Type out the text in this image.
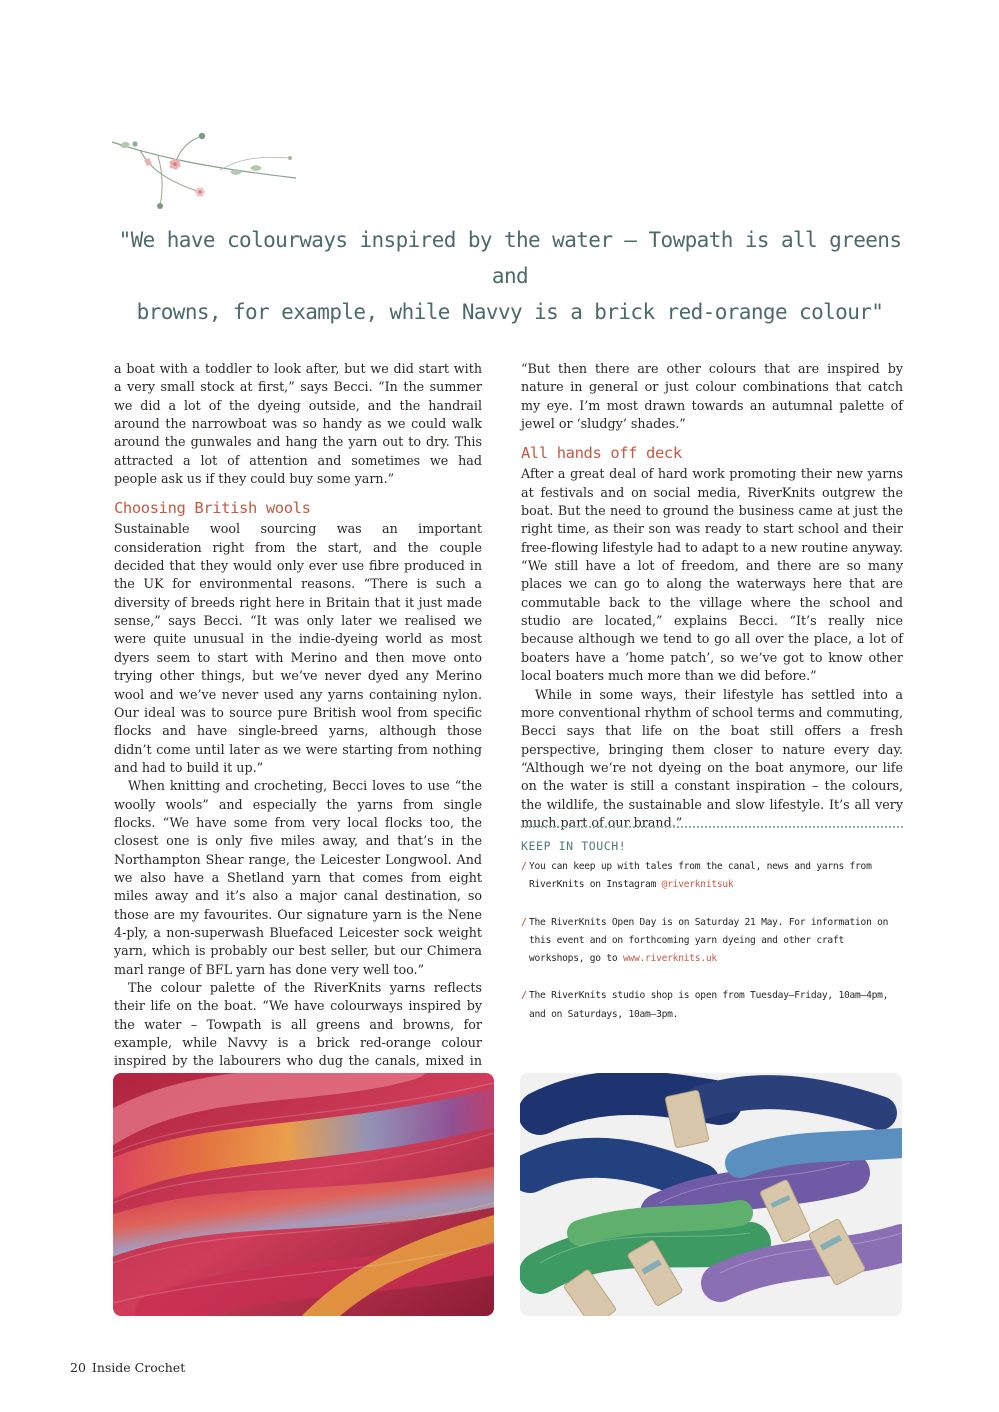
"We have colourways inspired by the water – Towpath is all greens and
browns, for example, while Navvy is a brick red-orange colour"

a boat with a toddler to look after, but we did start with a very small stock at first,” says Becci. “In the summer we did a lot of the dyeing outside, and the handrail around the narrowboat was so handy as we could walk around the gunwales and hang the yarn out to dry. This attracted a lot of attention and sometimes we had people ask us if they could buy some yarn.”

Choosing British wools

Sustainable wool sourcing was an important consideration right from the start, and the couple decided that they would only ever use fibre produced in the UK for environmental reasons. “There is such a diversity of breeds right here in Britain that it just made sense,” says Becci. “It was only later we realised we were quite unusual in the indie-dyeing world as most dyers seem to start with Merino and then move onto trying other things, but we’ve never dyed any Merino wool and we’ve never used any yarns containing nylon. Our ideal was to source pure British wool from specific flocks and have single-breed yarns, although those didn’t come until later as we were starting from nothing and had to build it up.”

When knitting and crocheting, Becci loves to use “the woolly wools” and especially the yarns from single flocks. “We have some from very local flocks too, the closest one is only five miles away, and that’s in the Northampton Shear range, the Leicester Longwool. And we also have a Shetland yarn that comes from eight miles away and it’s also a major canal destination, so those are my favourites. Our signature yarn is the Nene 4-ply, a non-superwash Bluefaced Leicester sock weight yarn, which is probably our best seller, but our Chimera marl range of BFL yarn has done very well too.”

The colour palette of the RiverKnits yarns reflects their life on the boat. “We have colourways inspired by the water – Towpath is all greens and browns, for example, while Navvy is a brick red-orange colour inspired by the labourers who dug the canals, mixed in

“But then there are other colours that are inspired by nature in general or just colour combinations that catch my eye. I’m most drawn towards an autumnal palette of jewel or ‘sludgy’ shades.”

All hands off deck

After a great deal of hard work promoting their new yarns at festivals and on social media, RiverKnits outgrew the boat. But the need to ground the business came at just the right time, as their son was ready to start school and their free-flowing lifestyle had to adapt to a new routine anyway. “We still have a lot of freedom, and there are so many places we can go to along the waterways here that are commutable back to the village where the school and studio are located,” explains Becci. “It’s really nice because although we tend to go all over the place, a lot of boaters have a ‘home patch’, so we’ve got to know other local boaters much more than we did before.”

While in some ways, their lifestyle has settled into a more conventional rhythm of school terms and commuting, Becci says that life on the boat still offers a fresh perspective, bringing them closer to nature every day. “Although we’re not dyeing on the boat anymore, our life on the water is still a constant inspiration – the colours, the wildlife, the sustainable and slow lifestyle. It’s all very much part of our brand.”

KEEP IN TOUCH!
/ You can keep up with tales from the canal, news and yarns from RiverKnits on Instagram @riverknitsuk
/ The RiverKnits Open Day is on Saturday 21 May. For information on this event and on forthcoming yarn dyeing and other craft workshops, go to www.riverknits.uk
/ The RiverKnits studio shop is open from Tuesday–Friday, 10am–4pm, and on Saturdays, 10am–3pm.
20 Inside Crochet
